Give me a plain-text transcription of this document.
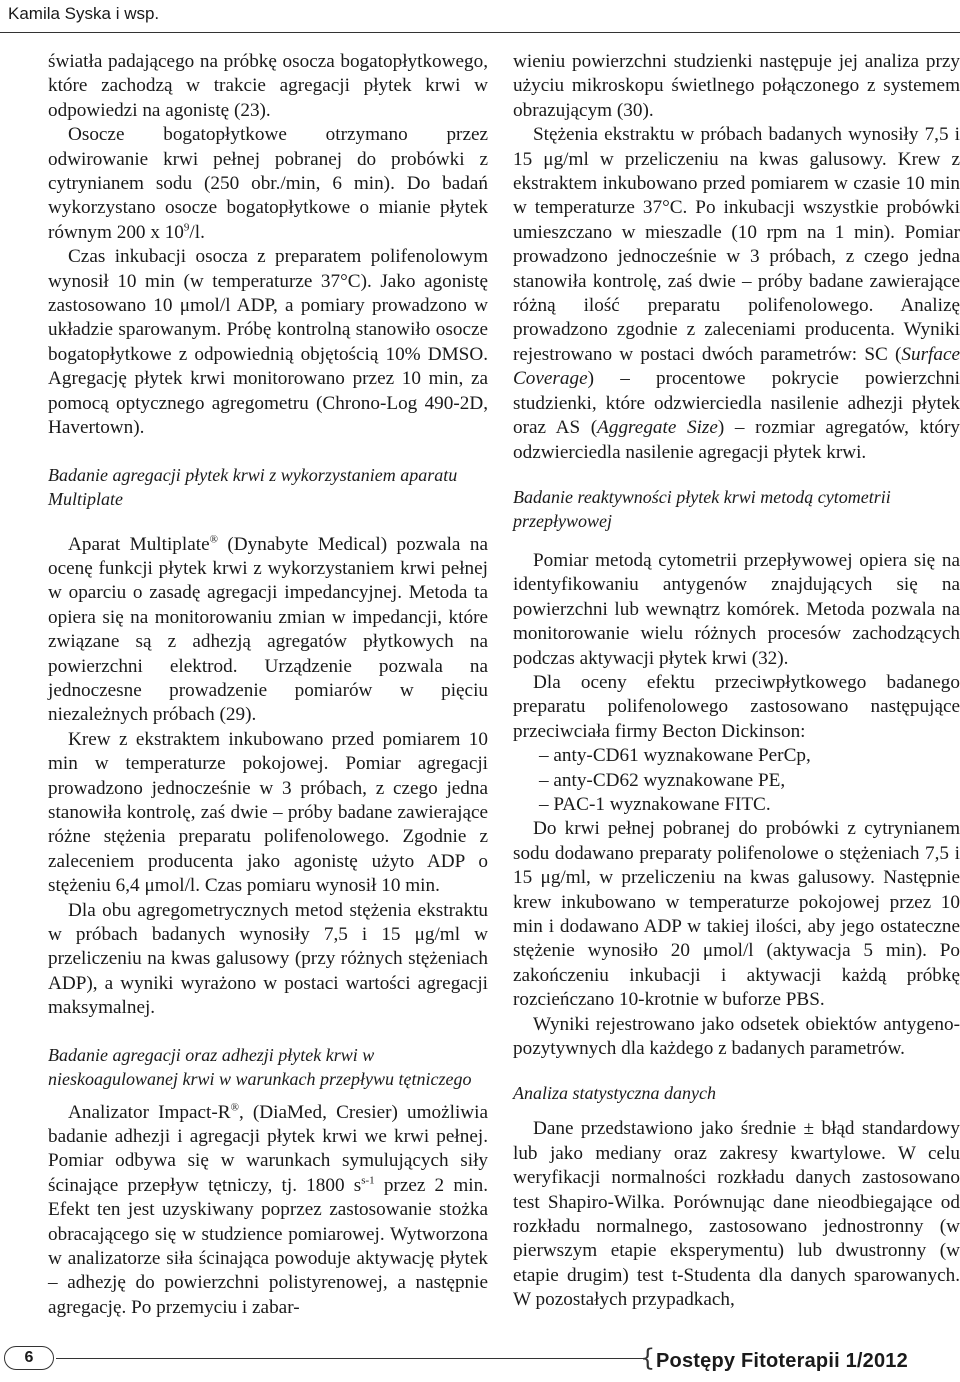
Kamila Syska i wsp.

światła padającego na próbkę osocza bogatopłytkowego, które zachodzą w trakcie agregacji płytek krwi w odpowiedzi na agonistę (23).

Osocze bogatopłytkowe otrzymano przez odwirowanie krwi pełnej pobranej do probówki z cytrynianem sodu (250 obr./min, 6 min). Do badań wykorzystano osocze bogatopłytkowe o mianie płytek równym 200 x $10^9/l$.

Czas inkubacji osocza z preparatem polifenolowym wynosił 10 min (w temperaturze 37°C). Jako agonistę zastosowano 10 μmol/l ADP, a pomiary prowadzono w układzie sparowanym. Próbę kontrolną stanowiło osocze bogatopłytkowe z odpowiednią objętością 10% DMSO. Agregację płytek krwi monitorowano przez 10 min, za pomocą optycznego agregometru (Chrono-Log 490-2D, Havertown).

Badanie agregacji płytek krwi z wykorzystaniem aparatu Multiplate

Aparat Multiplate® (Dynabyte Medical) pozwala na ocenę funkcji płytek krwi z wykorzystaniem krwi pełnej w oparciu o zasadę agregacji impedancyjnej. Metoda ta opiera się na monitorowaniu zmian w impedancji, które związane są z adhezją agregatów płytkowych na powierzchni elektrod. Urządzenie pozwala na jednoczesne prowadzenie pomiarów w pięciu niezależnych próbach (29).

Krew z ekstraktem inkubowano przed pomiarem 10 min w temperaturze pokojowej. Pomiar agregacji prowadzono jednocześnie w 3 próbach, z czego jedna stanowiła kontrolę, zaś dwie – próby badane zawierające różne stężenia preparatu polifenolowego. Zgodnie z zaleceniem producenta jako agonistę użyto ADP o stężeniu 6,4 μmol/l. Czas pomiaru wynosił 10 min.

Dla obu agregometrycznych metod stężenia ekstraktu w próbach badanych wynosiły 7,5 i 15 μg/ml w przeliczeniu na kwas galusowy (przy różnych stężeniach ADP), a wyniki wyrażono w postaci wartości agregacji maksymalnej.

Badanie agregacji oraz adhezji płytek krwi w nieskoagulowanej krwi w warunkach przepływu tętniczego

Analizator Impact-R®, (DiaMed, Cresier) umożliwia badanie adhezji i agregacji płytek krwi we krwi pełnej. Pomiar odbywa się w warunkach symulujących siły ścinające przepływ tętniczy, tj. 1800 $s^{s-1}$ przez 2 min. Efekt ten jest uzyskiwany poprzez zastosowanie stożka obracającego się w studzience pomiarowej. Wytworzona w analizatorze siła ścinająca powoduje aktywację płytek – adhezję do powierzchni polistyrenowej, a następnie agregację. Po przemyciu i zabar-

wieniu powierzchni studzienki następuje jej analiza przy użyciu mikroskopu świetlnego połączonego z systemem obrazującym (30).

Stężenia ekstraktu w próbach badanych wynosiły 7,5 i 15 μg/ml w przeliczeniu na kwas galusowy. Krew z ekstraktem inkubowano przed pomiarem w czasie 10 min w temperaturze 37°C. Po inkubacji wszystkie probówki umieszczano w mieszadle (10 rpm na 1 min). Pomiar prowadzono jednocześnie w 3 próbach, z czego jedna stanowiła kontrolę, zaś dwie – próby badane zawierające różną ilość preparatu polifenolowego. Analizę prowadzono zgodnie z zaleceniami producenta. Wyniki rejestrowano w postaci dwóch parametrów: SC (Surface Coverage) – procentowe pokrycie powierzchni studzienki, które odzwierciedla nasilenie adhezji płytek oraz AS (Aggregate Size) – rozmiar agregatów, który odzwierciedla nasilenie agregacji płytek krwi.

Badanie reaktywności płytek krwi metodą cytometrii przepływowej

Pomiar metodą cytometrii przepływowej opiera się na identyfikowaniu antygenów znajdujących się na powierzchni lub wewnątrz komórek. Metoda pozwala na monitorowanie wielu różnych procesów zachodzących podczas aktywacji płytek krwi (32).

Dla oceny efektu przeciwpłytkowego badanego preparatu polifenolowego zastosowano następujące przeciwciała firmy Becton Dickinson:

– anty-CD61 wyznakowane PerCp,
– anty-CD62 wyznakowane PE,
– PAC-1 wyznakowane FITC.

Do krwi pełnej pobranej do probówki z cytrynianem sodu dodawano preparaty polifenolowe o stężeniach 7,5 i 15 μg/ml, w przeliczeniu na kwas galusowy. Następnie krew inkubowano w temperaturze pokojowej przez 10 min i dodawano ADP w takiej ilości, aby jego ostateczne stężenie wynosiło 20 μmol/l (aktywacja 5 min). Po zakończeniu inkubacji i aktywacji każdą próbkę rozcieńczano 10-krotnie w buforze PBS.

Wyniki rejestrowano jako odsetek obiektów antygeno-pozytywnych dla każdego z badanych parametrów.

Analiza statystyczna danych

Dane przedstawiono jako średnie ± błąd standardowy lub jako mediany oraz zakresy kwartylowe. W celu weryfikacji normalności rozkładu danych zastosowano test Shapiro-Wilka. Porównując dane nieodbiegające od rozkładu normalnego, zastosowano jednostronny (w pierwszym etapie eksperymentu) lub dwustronny (w etapie drugim) test t-Studenta dla danych sparowanych. W pozostałych przypadkach,

6	{ Postępy Fitoterapii 1/2012
